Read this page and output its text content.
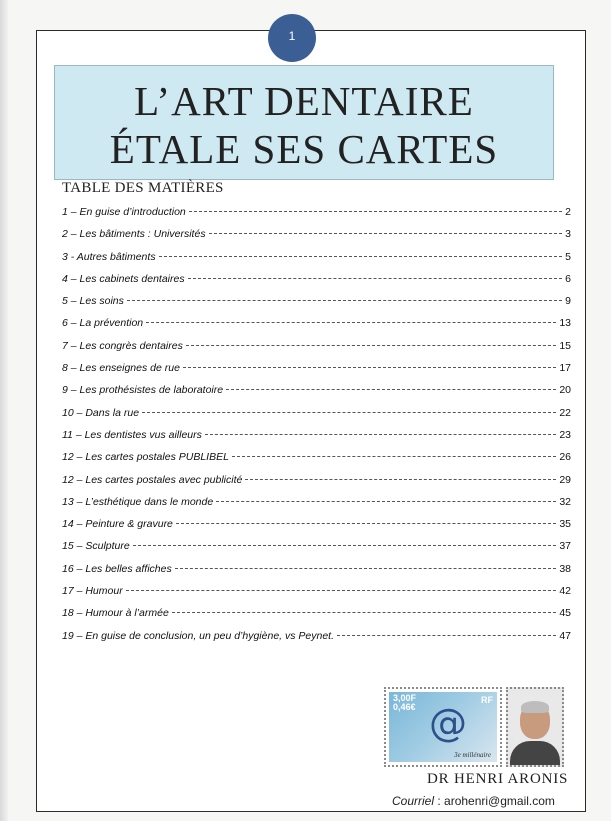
1

L’ART DENTAIRE

ÉTALE SES CARTES

TABLE DES MATIÈRES
1 – En guise d’introduction	2
2 – Les bâtiments : Universités	3
3 - Autres bâtiments	5
4 – Les cabinets dentaires	6
5 – Les soins	9
6 – La prévention	13
7 – Les congrès dentaires	15
8 – Les enseignes de rue	17
9 – Les prothésistes de laboratoire	20
10 – Dans la rue	22
11 – Les dentistes vus ailleurs	23
12 – Les cartes postales PUBLIBEL	26
12 – Les cartes postales avec publicité	29
13 – L’esthétique dans le monde	32
14 – Peinture & gravure	35
15 – Sculpture	37
16 – Les belles affiches	38
17 – Humour	42
18 – Humour à l’armée	45
19 – En guise de conclusion, un peu d’hygiène, vs Peynet.	47
3,00F
0,46€
RF
@
3e millénaire
DR HENRI ARONIS
Courriel : arohenri@gmail.com
